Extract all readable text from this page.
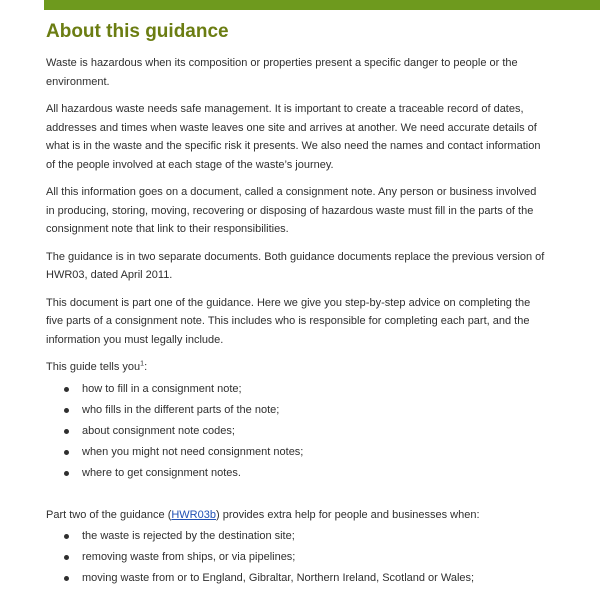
About this guidance

Waste is hazardous when its composition or properties present a specific danger to people or the environment.

All hazardous waste needs safe management. It is important to create a traceable record of dates, addresses and times when waste leaves one site and arrives at another. We need accurate details of what is in the waste and the specific risk it presents. We also need the names and contact information of the people involved at each stage of the waste’s journey.

All this information goes on a document, called a consignment note. Any person or business involved in producing, storing, moving, recovering or disposing of hazardous waste must fill in the parts of the consignment note that link to their responsibilities.

The guidance is in two separate documents. Both guidance documents replace the previous version of HWR03, dated April 2011.

This document is part one of the guidance. Here we give you step-by-step advice on completing the five parts of a consignment note. This includes who is responsible for completing each part, and the information you must legally include.

This guide tells you$^1$:

how to fill in a consignment note;
who fills in the different parts of the note;
about consignment note codes;
when you might not need consignment notes;
where to get consignment notes.

Part two of the guidance (HWR03b) provides extra help for people and businesses when:

the waste is rejected by the destination site;
removing waste from ships, or via pipelines;
moving waste from or to England, Gibraltar, Northern Ireland, Scotland or Wales;
